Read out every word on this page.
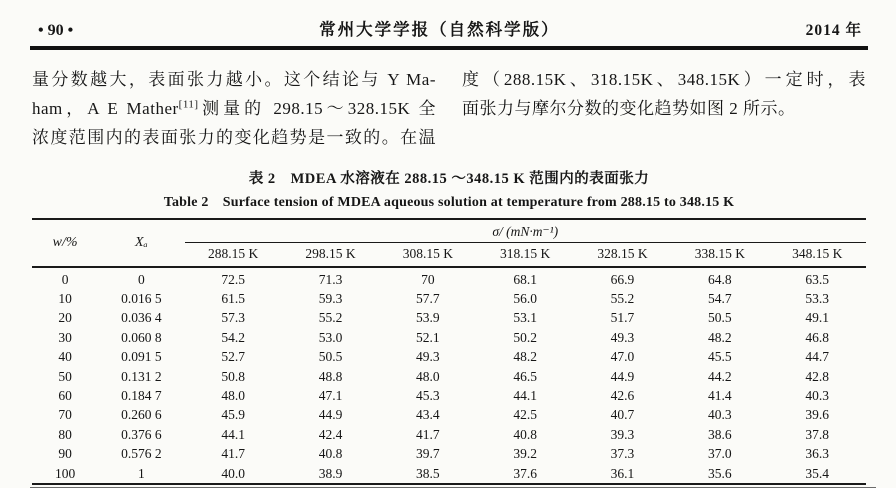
• 90 •	常州大学学报（自然科学版）	2014 年
量分数越大，表面张力越小。这个结论与 Y Ma-
ham，A E Mather[11]测量的 298.15～328.15K 全
浓度范围内的表面张力的变化趋势是一致的。在温
度（288.15K、318.15K、348.15K）一定时，表
面张力与摩尔分数的变化趋势如图 2 所示。
表 2　MDEA 水溶液在 288.15 ～348.15 K 范围内的表面张力
Table 2　Surface tension of MDEA aqueous solution at temperature from 288.15 to 348.15 K
w/%	Xₐ	σ/ (mN·m⁻¹)						
		288.15 K	298.15 K	308.15 K	318.15 K	328.15 K	338.15 K	348.15 K
0	0	72.5	71.3	70	68.1	66.9	64.8	63.5
10	0.016 5	61.5	59.3	57.7	56.0	55.2	54.7	53.3
20	0.036 4	57.3	55.2	53.9	53.1	51.7	50.5	49.1
30	0.060 8	54.2	53.0	52.1	50.2	49.3	48.2	46.8
40	0.091 5	52.7	50.5	49.3	48.2	47.0	45.5	44.7
50	0.131 2	50.8	48.8	48.0	46.5	44.9	44.2	42.8
60	0.184 7	48.0	47.1	45.3	44.1	42.6	41.4	40.3
70	0.260 6	45.9	44.9	43.4	42.5	40.7	40.3	39.6
80	0.376 6	44.1	42.4	41.7	40.8	39.3	38.6	37.8
90	0.576 2	41.7	40.8	39.7	39.2	37.3	37.0	36.3
100	1	40.0	38.9	38.5	37.6	36.1	35.6	35.4
